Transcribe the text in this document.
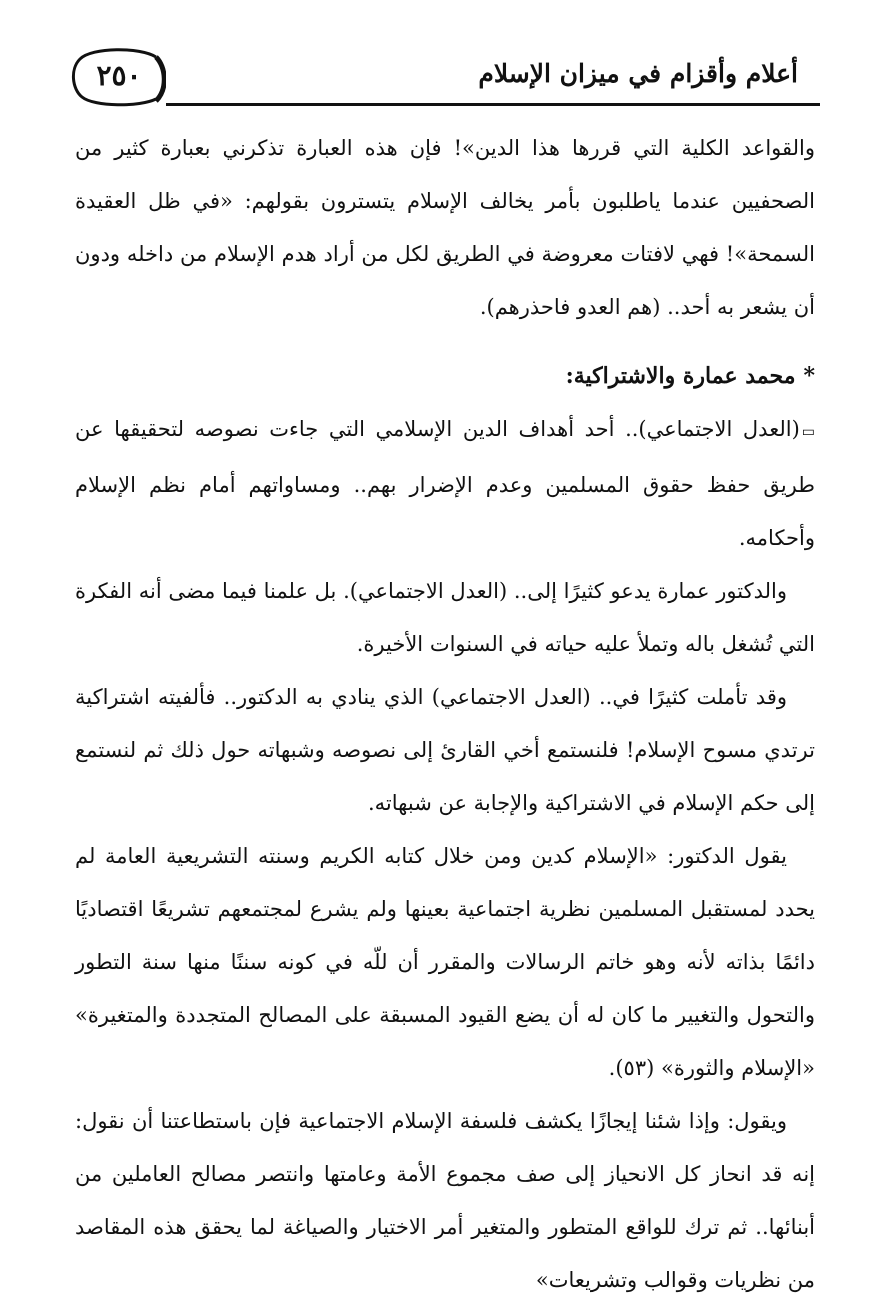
٢٥٠	أعلام وأقزام في ميزان الإسلام

والقواعد الكلية التي قررها هذا الدين»! فإن هذه العبارة تذكرني بعبارة كثير من الصحفيين عندما ياطلبون بأمر يخالف الإسلام يتسترون بقولهم: «في ظل العقيدة السمحة»! فهي لافتات معروضة في الطريق لكل من أراد هدم الإسلام من داخله ودون أن يشعر به أحد.. (هم العدو فاحذرهم).

*محمد عمارة والاشتراكية:

▭(العدل الاجتماعي).. أحد أهداف الدين الإسلامي التي جاءت نصوصه لتحقيقها عن طريق حفظ حقوق المسلمين وعدم الإضرار بهم.. ومساواتهم أمام نظم الإسلام وأحكامه.

والدكتور عمارة يدعو كثيرًا إلى.. (العدل الاجتماعي). بل علمنا فيما مضى أنه الفكرة التي تُشغل باله وتملأ عليه حياته في السنوات الأخيرة.

وقد تأملت كثيرًا في.. (العدل الاجتماعي) الذي ينادي به الدكتور.. فألفيته اشتراكية ترتدي مسوح الإسلام! فلنستمع أخي القارئ إلى نصوصه وشبهاته حول ذلك ثم لنستمع إلى حكم الإسلام في الاشتراكية والإجابة عن شبهاته.

يقول الدكتور: «الإسلام كدين ومن خلال كتابه الكريم وسنته التشريعية العامة لم يحدد لمستقبل المسلمين نظرية اجتماعية بعينها ولم يشرع لمجتمعهم تشريعًا اقتصاديًا دائمًا بذاته لأنه وهو خاتم الرسالات والمقرر أن للّه في كونه سننًا منها سنة التطور والتحول والتغيير ما كان له أن يضع القيود المسبقة على المصالح المتجددة والمتغيرة» «الإسلام والثورة» (٥٣).

ويقول: وإذا شئنا إيجازًا يكشف فلسفة الإسلام الاجتماعية فإن باستطاعتنا أن نقول: إنه قد انحاز كل الانحياز إلى صف مجموع الأمة وعامتها وانتصر مصالح العاملين من أبنائها.. ثم ترك للواقع المتطور والمتغير أمر الاختيار والصياغة لما يحقق هذه المقاصد من نظريات وقوالب وتشريعات»
